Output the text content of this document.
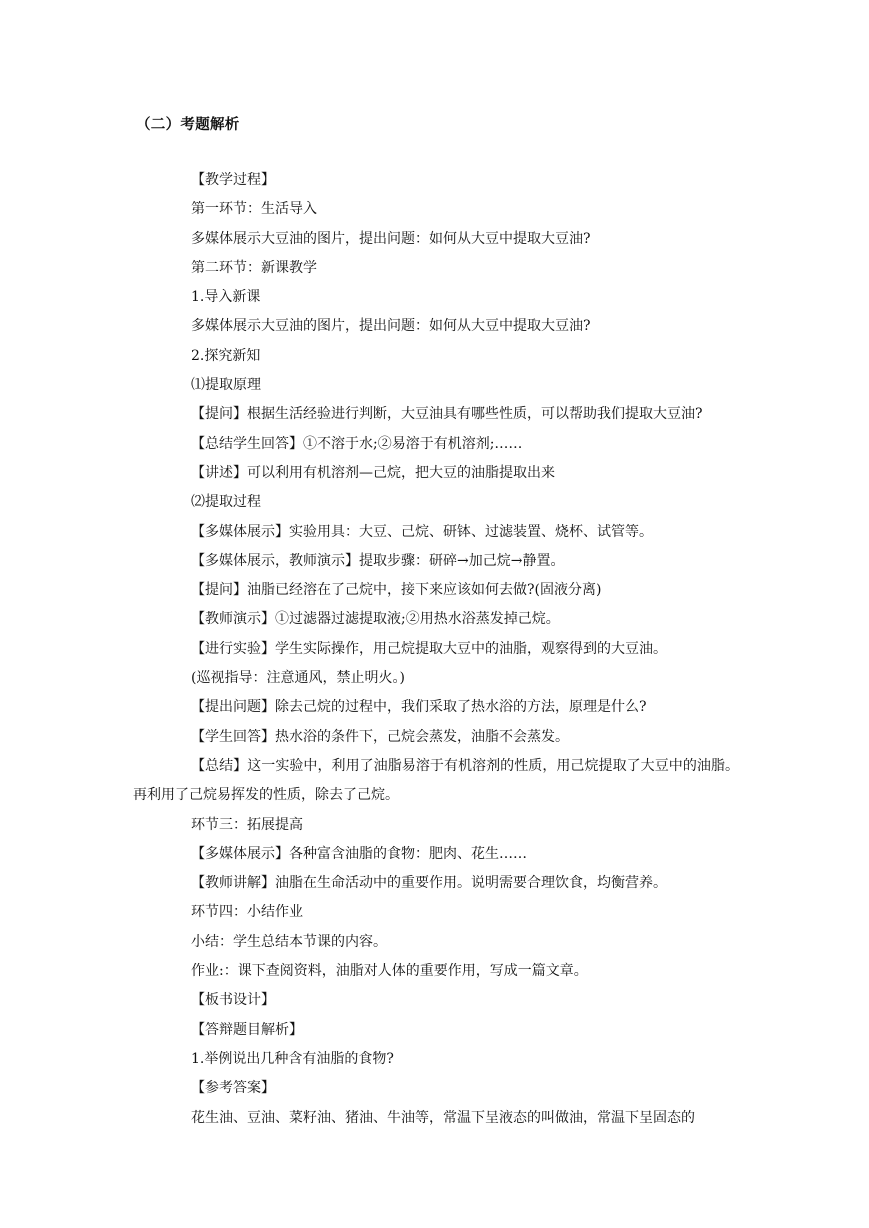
（二）考题解析
【教学过程】
第一环节：生活导入
多媒体展示大豆油的图片，提出问题：如何从大豆中提取大豆油?
第二环节：新课教学
1.导入新课
多媒体展示大豆油的图片，提出问题：如何从大豆中提取大豆油?
2.探究新知
⑴提取原理
【提问】根据生活经验进行判断，大豆油具有哪些性质，可以帮助我们提取大豆油?
【总结学生回答】①不溶于水;②易溶于有机溶剂;……
【讲述】可以利用有机溶剂—己烷，把大豆的油脂提取出来
⑵提取过程
【多媒体展示】实验用具：大豆、己烷、研钵、过滤装置、烧杯、试管等。
【多媒体展示，教师演示】提取步骤：研碎→加己烷→静置。
【提问】油脂已经溶在了己烷中，接下来应该如何去做?(固液分离)
【教师演示】①过滤器过滤提取液;②用热水浴蒸发掉己烷。
【进行实验】学生实际操作，用己烷提取大豆中的油脂，观察得到的大豆油。
(巡视指导：注意通风，禁止明火。)
【提出问题】除去己烷的过程中，我们采取了热水浴的方法，原理是什么?
【学生回答】热水浴的条件下，己烷会蒸发，油脂不会蒸发。
【总结】这一实验中，利用了油脂易溶于有机溶剂的性质，用己烷提取了大豆中的油脂。再利用了己烷易挥发的性质，除去了己烷。
环节三：拓展提高
【多媒体展示】各种富含油脂的食物：肥肉、花生……
【教师讲解】油脂在生命活动中的重要作用。说明需要合理饮食，均衡营养。
环节四：小结作业
小结：学生总结本节课的内容。
作业:：课下查阅资料，油脂对人体的重要作用，写成一篇文章。
【板书设计】
【答辩题目解析】
1.举例说出几种含有油脂的食物?
【参考答案】
花生油、豆油、菜籽油、猪油、牛油等，常温下呈液态的叫做油，常温下呈固态的
